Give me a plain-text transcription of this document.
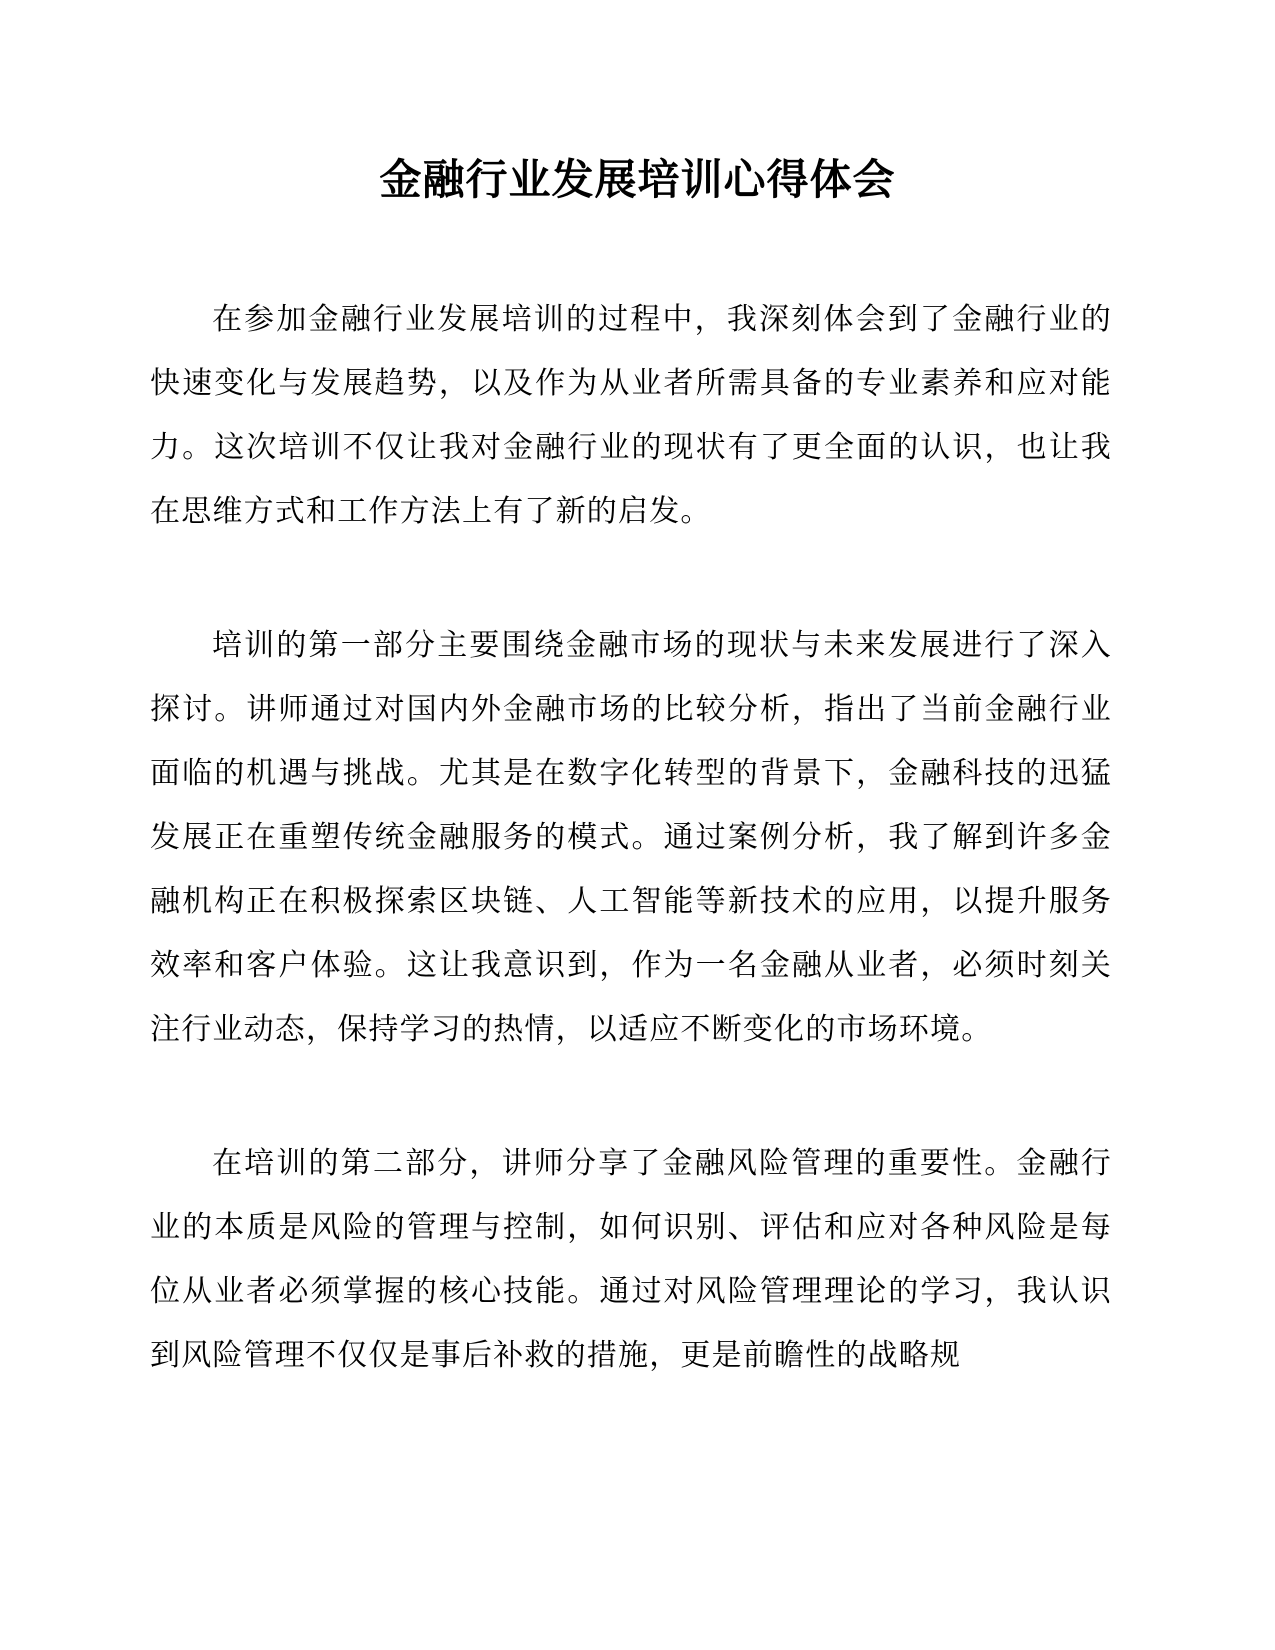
金融行业发展培训心得体会

在参加金融行业发展培训的过程中，我深刻体会到了金融行业的快速变化与发展趋势，以及作为从业者所需具备的专业素养和应对能力。这次培训不仅让我对金融行业的现状有了更全面的认识，也让我在思维方式和工作方法上有了新的启发。

培训的第一部分主要围绕金融市场的现状与未来发展进行了深入探讨。讲师通过对国内外金融市场的比较分析，指出了当前金融行业面临的机遇与挑战。尤其是在数字化转型的背景下，金融科技的迅猛发展正在重塑传统金融服务的模式。通过案例分析，我了解到许多金融机构正在积极探索区块链、人工智能等新技术的应用，以提升服务效率和客户体验。这让我意识到，作为一名金融从业者，必须时刻关注行业动态，保持学习的热情，以适应不断变化的市场环境。

在培训的第二部分，讲师分享了金融风险管理的重要性。金融行业的本质是风险的管理与控制，如何识别、评估和应对各种风险是每位从业者必须掌握的核心技能。通过对风险管理理论的学习，我认识到风险管理不仅仅是事后补救的措施，更是前瞻性的战略规
